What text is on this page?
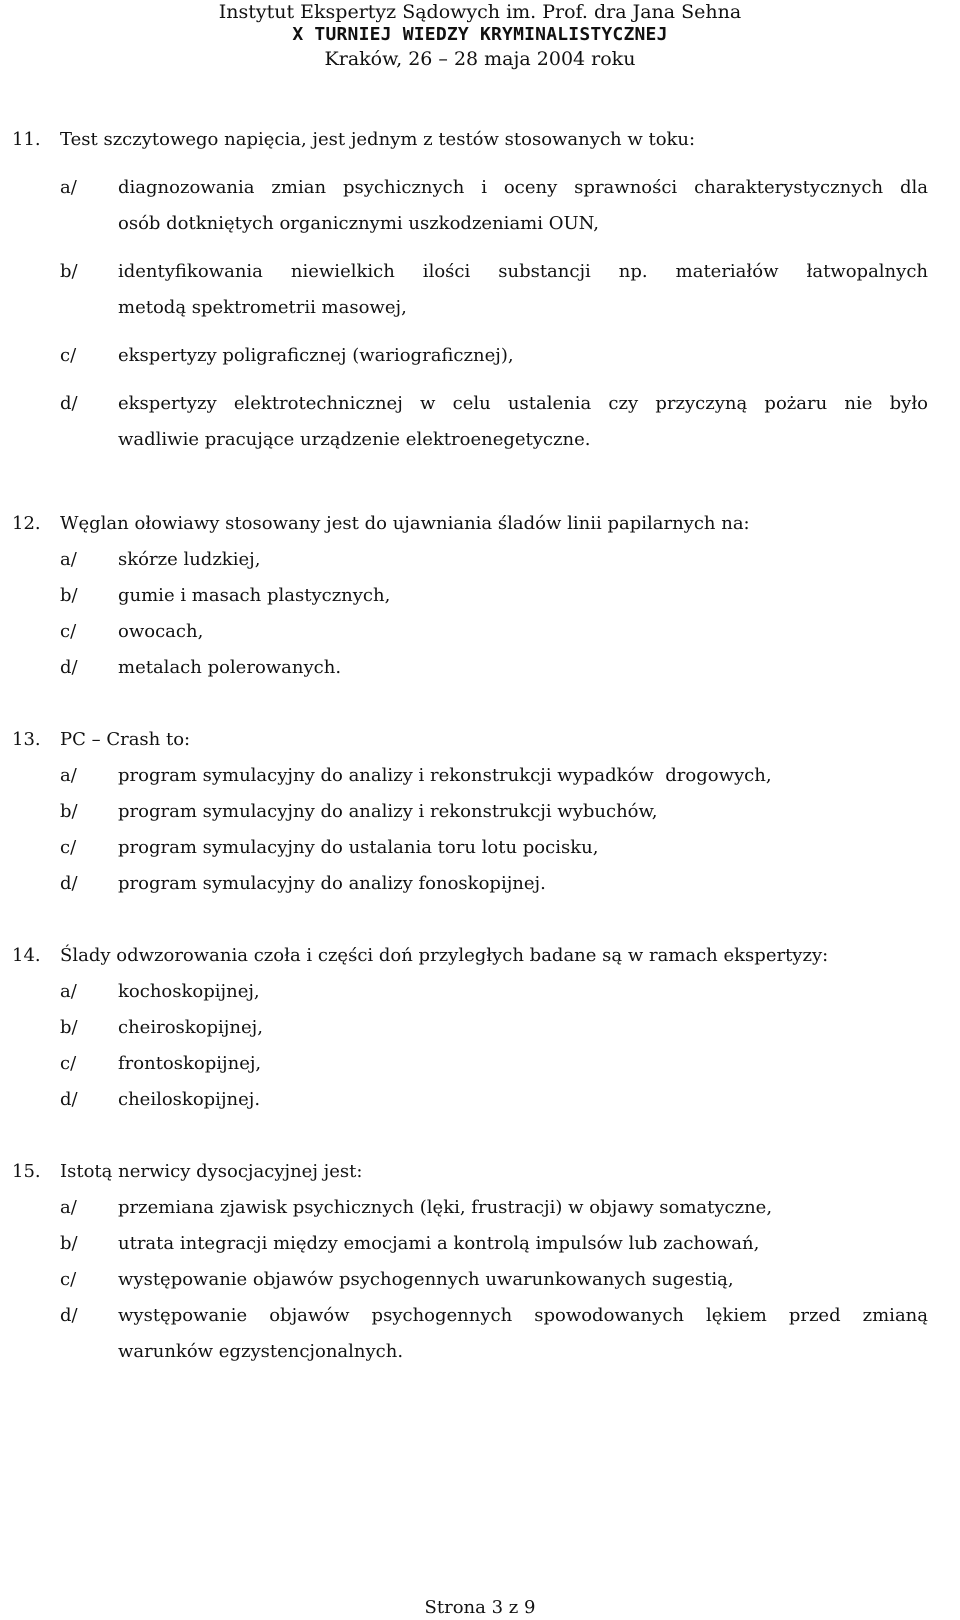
Instytut Ekspertyz Sądowych im. Prof. dra Jana Sehna
X TURNIEJ WIEDZY KRYMINALISTYCZNEJ
Kraków, 26 – 28 maja 2004 roku
11. Test szczytowego napięcia, jest jednym z testów stosowanych w toku:
a/ diagnozowania zmian psychicznych i oceny sprawności charakterystycznych dla
osób dotkniętych organicznymi uszkodzeniami OUN,
b/ identyfikowania niewielkich ilości substancji np. materiałów łatwopalnych
metodą spektrometrii masowej,
c/ ekspertyzy poligraficznej (wariograficznej),
d/ ekspertyzy elektrotechnicznej w celu ustalenia czy przyczyną pożaru nie było
wadliwie pracujące urządzenie elektroenegetyczne.
12. Węglan ołowiawy stosowany jest do ujawniania śladów linii papilarnych na:
a/ skórze ludzkiej,
b/ gumie i masach plastycznych,
c/ owocach,
d/ metalach polerowanych.
13. PC – Crash to:
a/ program symulacyjny do analizy i rekonstrukcji wypadków  drogowych,
b/ program symulacyjny do analizy i rekonstrukcji wybuchów,
c/ program symulacyjny do ustalania toru lotu pocisku,
d/ program symulacyjny do analizy fonoskopijnej.
14. Ślady odwzorowania czoła i części doń przyległych badane są w ramach ekspertyzy:
a/ kochoskopijnej,
b/ cheiroskopijnej,
c/ frontoskopijnej,
d/ cheiloskopijnej.
15. Istotą nerwicy dysocjacyjnej jest:
a/ przemiana zjawisk psychicznych (lęki, frustracji) w objawy somatyczne,
b/ utrata integracji między emocjami a kontrolą impulsów lub zachowań,
c/ występowanie objawów psychogennych uwarunkowanych sugestią,
d/ występowanie objawów psychogennych spowodowanych lękiem przed zmianą
warunków egzystencjonalnych.
Strona 3 z 9
